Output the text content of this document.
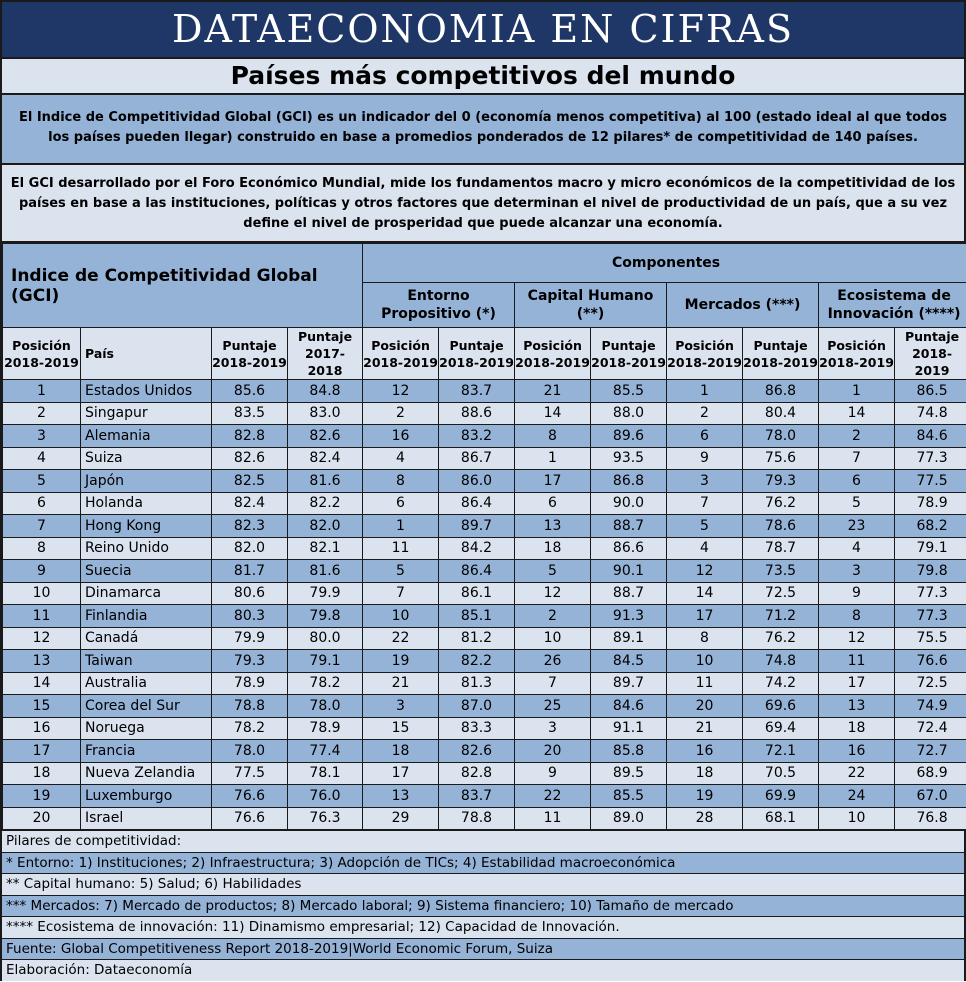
DATAECONOMIA EN CIFRAS
Países más competitivos del mundo
El Indice de Competitividad Global (GCI) es un indicador del 0 (economía menos competitiva) al 100 (estado ideal al que todos los países pueden llegar) construido en base a promedios ponderados de 12 pilares* de competitividad de 140 países.
El GCI desarrollado por el Foro Económico Mundial, mide los fundamentos macro y micro económicos de la competitividad de los países en base a las instituciones, políticas y otros factores que determinan el nivel de productividad de un país, que a su vez define el nivel de prosperidad que puede alcanzar una economía.
Indice de Competitividad Global (GCI)				Componentes							
				Entorno Propositivo (*)		Capital Humano (**)		Mercados (***)		Ecosistema de Innovación (****)	
Posición 2018-2019	País	Puntaje 2018-2019	Puntaje 2017-2018	Posición 2018-2019	Puntaje 2018-2019	Posición 2018-2019	Puntaje 2018-2019	Posición 2018-2019	Puntaje 2018-2019	Posición 2018-2019	Puntaje 2018-2019
1	Estados Unidos	85.6	84.8	12	83.7	21	85.5	1	86.8	1	86.5
2	Singapur	83.5	83.0	2	88.6	14	88.0	2	80.4	14	74.8
3	Alemania	82.8	82.6	16	83.2	8	89.6	6	78.0	2	84.6
4	Suiza	82.6	82.4	4	86.7	1	93.5	9	75.6	7	77.3
5	Japón	82.5	81.6	8	86.0	17	86.8	3	79.3	6	77.5
6	Holanda	82.4	82.2	6	86.4	6	90.0	7	76.2	5	78.9
7	Hong Kong	82.3	82.0	1	89.7	13	88.7	5	78.6	23	68.2
8	Reino Unido	82.0	82.1	11	84.2	18	86.6	4	78.7	4	79.1
9	Suecia	81.7	81.6	5	86.4	5	90.1	12	73.5	3	79.8
10	Dinamarca	80.6	79.9	7	86.1	12	88.7	14	72.5	9	77.3
11	Finlandia	80.3	79.8	10	85.1	2	91.3	17	71.2	8	77.3
12	Canadá	79.9	80.0	22	81.2	10	89.1	8	76.2	12	75.5
13	Taiwan	79.3	79.1	19	82.2	26	84.5	10	74.8	11	76.6
14	Australia	78.9	78.2	21	81.3	7	89.7	11	74.2	17	72.5
15	Corea del Sur	78.8	78.0	3	87.0	25	84.6	20	69.6	13	74.9
16	Noruega	78.2	78.9	15	83.3	3	91.1	21	69.4	18	72.4
17	Francia	78.0	77.4	18	82.6	20	85.8	16	72.1	16	72.7
18	Nueva Zelandia	77.5	78.1	17	82.8	9	89.5	18	70.5	22	68.9
19	Luxemburgo	76.6	76.0	13	83.7	22	85.5	19	69.9	24	67.0
20	Israel	76.6	76.3	29	78.8	11	89.0	28	68.1	10	76.8
Pilares de competitividad:
* Entorno: 1) Instituciones; 2) Infraestructura; 3) Adopción de TICs; 4) Estabilidad macroeconómica
** Capital humano: 5) Salud; 6) Habilidades
*** Mercados: 7) Mercado de productos; 8) Mercado laboral; 9) Sistema financiero; 10) Tamaño de mercado
**** Ecosistema de innovación: 11) Dinamismo empresarial; 12) Capacidad de Innovación.
Fuente: Global Competitiveness Report 2018-2019|World Economic Forum, Suiza
Elaboración: Dataeconomía
